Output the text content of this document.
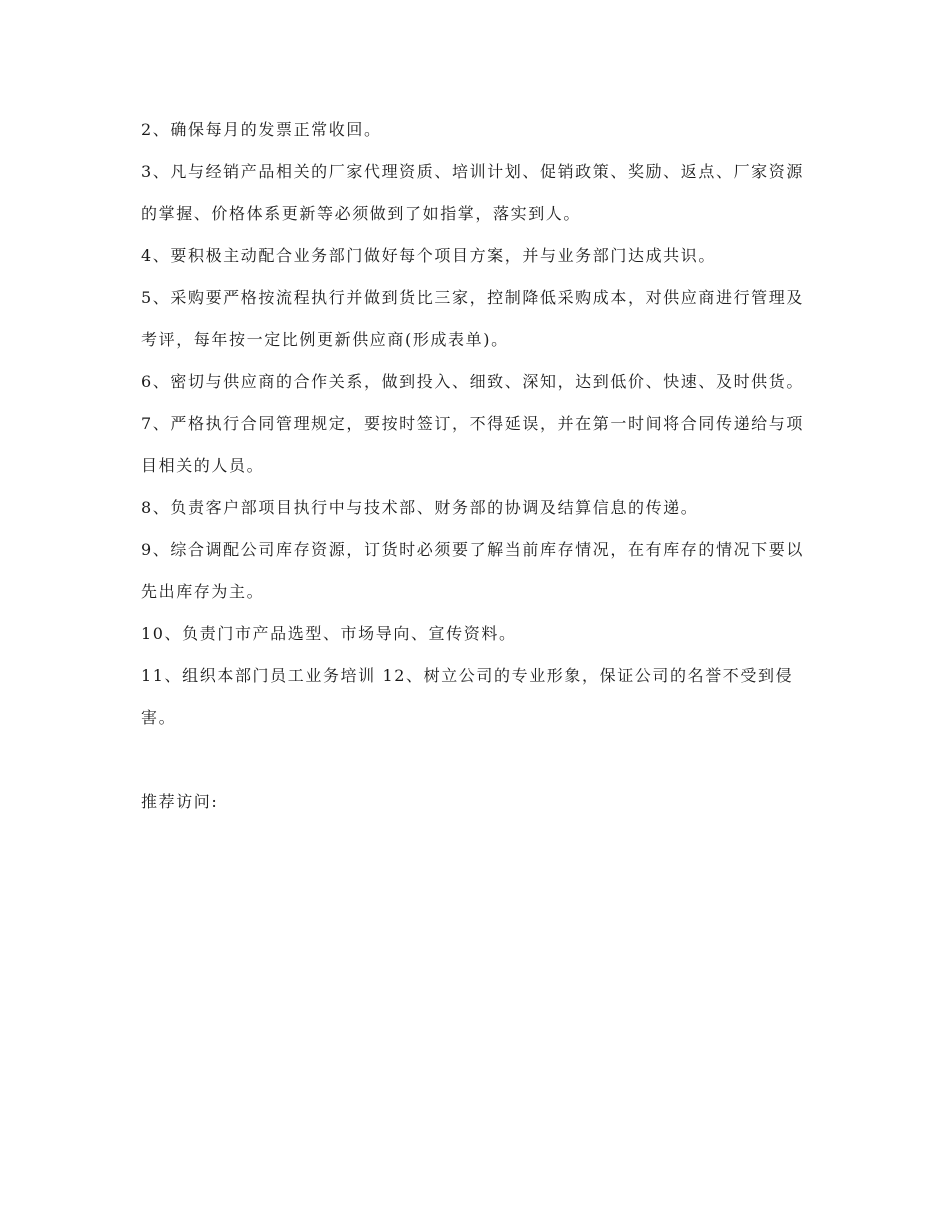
2、确保每月的发票正常收回。

3、凡与经销产品相关的厂家代理资质、培训计划、促销政策、奖励、返点、厂家资源的掌握、价格体系更新等必须做到了如指掌，落实到人。

4、要积极主动配合业务部门做好每个项目方案，并与业务部门达成共识。

5、采购要严格按流程执行并做到货比三家，控制降低采购成本，对供应商进行管理及考评，每年按一定比例更新供应商(形成表单)。

6、密切与供应商的合作关系，做到投入、细致、深知，达到低价、快速、及时供货。

7、严格执行合同管理规定，要按时签订，不得延误，并在第一时间将合同传递给与项目相关的人员。

8、负责客户部项目执行中与技术部、财务部的协调及结算信息的传递。

9、综合调配公司库存资源，订货时必须要了解当前库存情况，在有库存的情况下要以先出库存为主。

10、负责门市产品选型、市场导向、宣传资料。

11、组织本部门员工业务培训 12、树立公司的专业形象，保证公司的名誉不受到侵害。

推荐访问:
